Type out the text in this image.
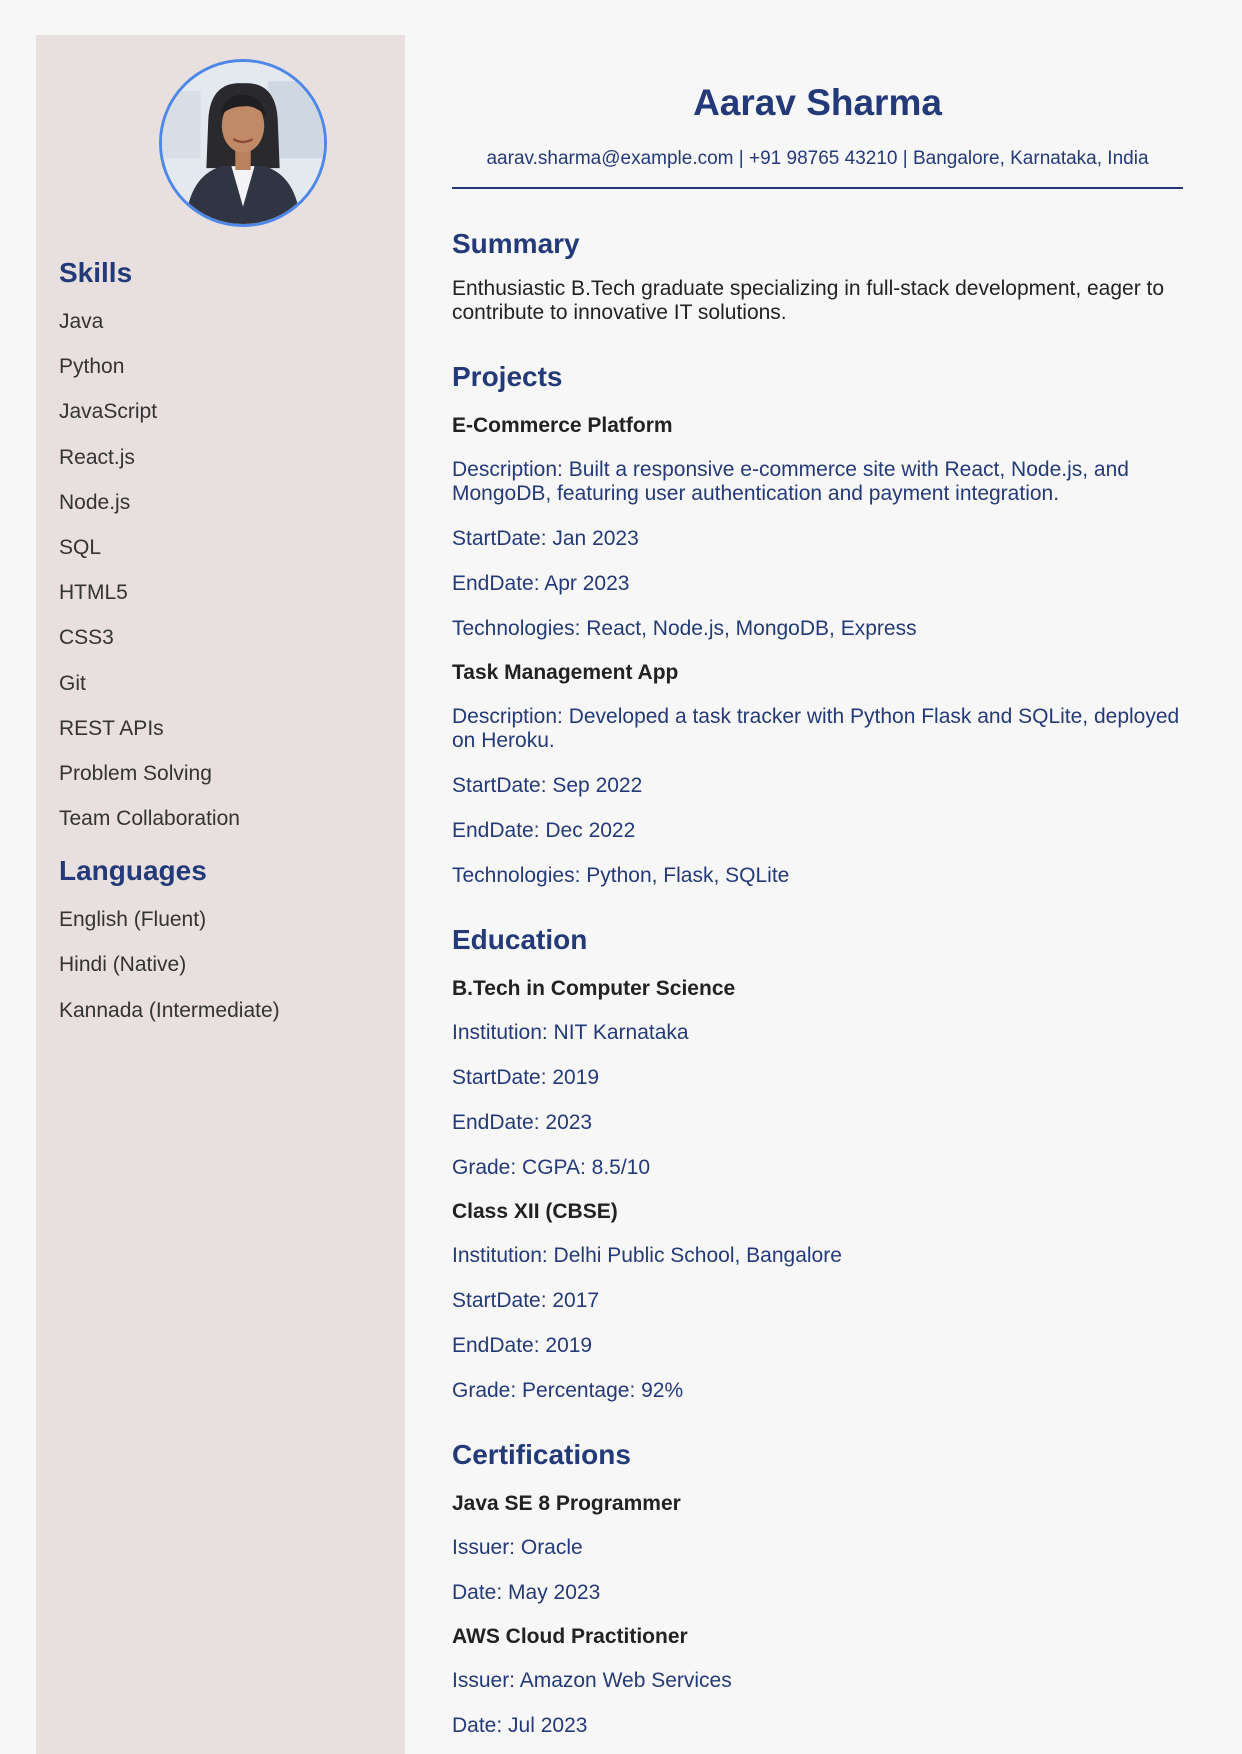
Skills
Java
Python
JavaScript
React.js
Node.js
SQL
HTML5
CSS3
Git
REST APIs
Problem Solving
Team Collaboration
Languages
English (Fluent)
Hindi (Native)
Kannada (Intermediate)
Aarav Sharma
aarav.sharma@example.com | +91 98765 43210 | Bangalore, Karnataka, India
Summary

Enthusiastic B.Tech graduate specializing in full-stack development, eager to contribute to innovative IT solutions.

Projects
E-Commerce Platform
Description: Built a responsive e-commerce site with React, Node.js, and MongoDB, featuring user authentication and payment integration.
StartDate: Jan 2023
EndDate: Apr 2023
Technologies: React, Node.js, MongoDB, Express
Task Management App
Description: Developed a task tracker with Python Flask and SQLite, deployed on Heroku.
StartDate: Sep 2022
EndDate: Dec 2022
Technologies: Python, Flask, SQLite
Education
B.Tech in Computer Science
Institution: NIT Karnataka
StartDate: 2019
EndDate: 2023
Grade: CGPA: 8.5/10
Class XII (CBSE)
Institution: Delhi Public School, Bangalore
StartDate: 2017
EndDate: 2019
Grade: Percentage: 92%
Certifications
Java SE 8 Programmer
Issuer: Oracle
Date: May 2023
AWS Cloud Practitioner
Issuer: Amazon Web Services
Date: Jul 2023
